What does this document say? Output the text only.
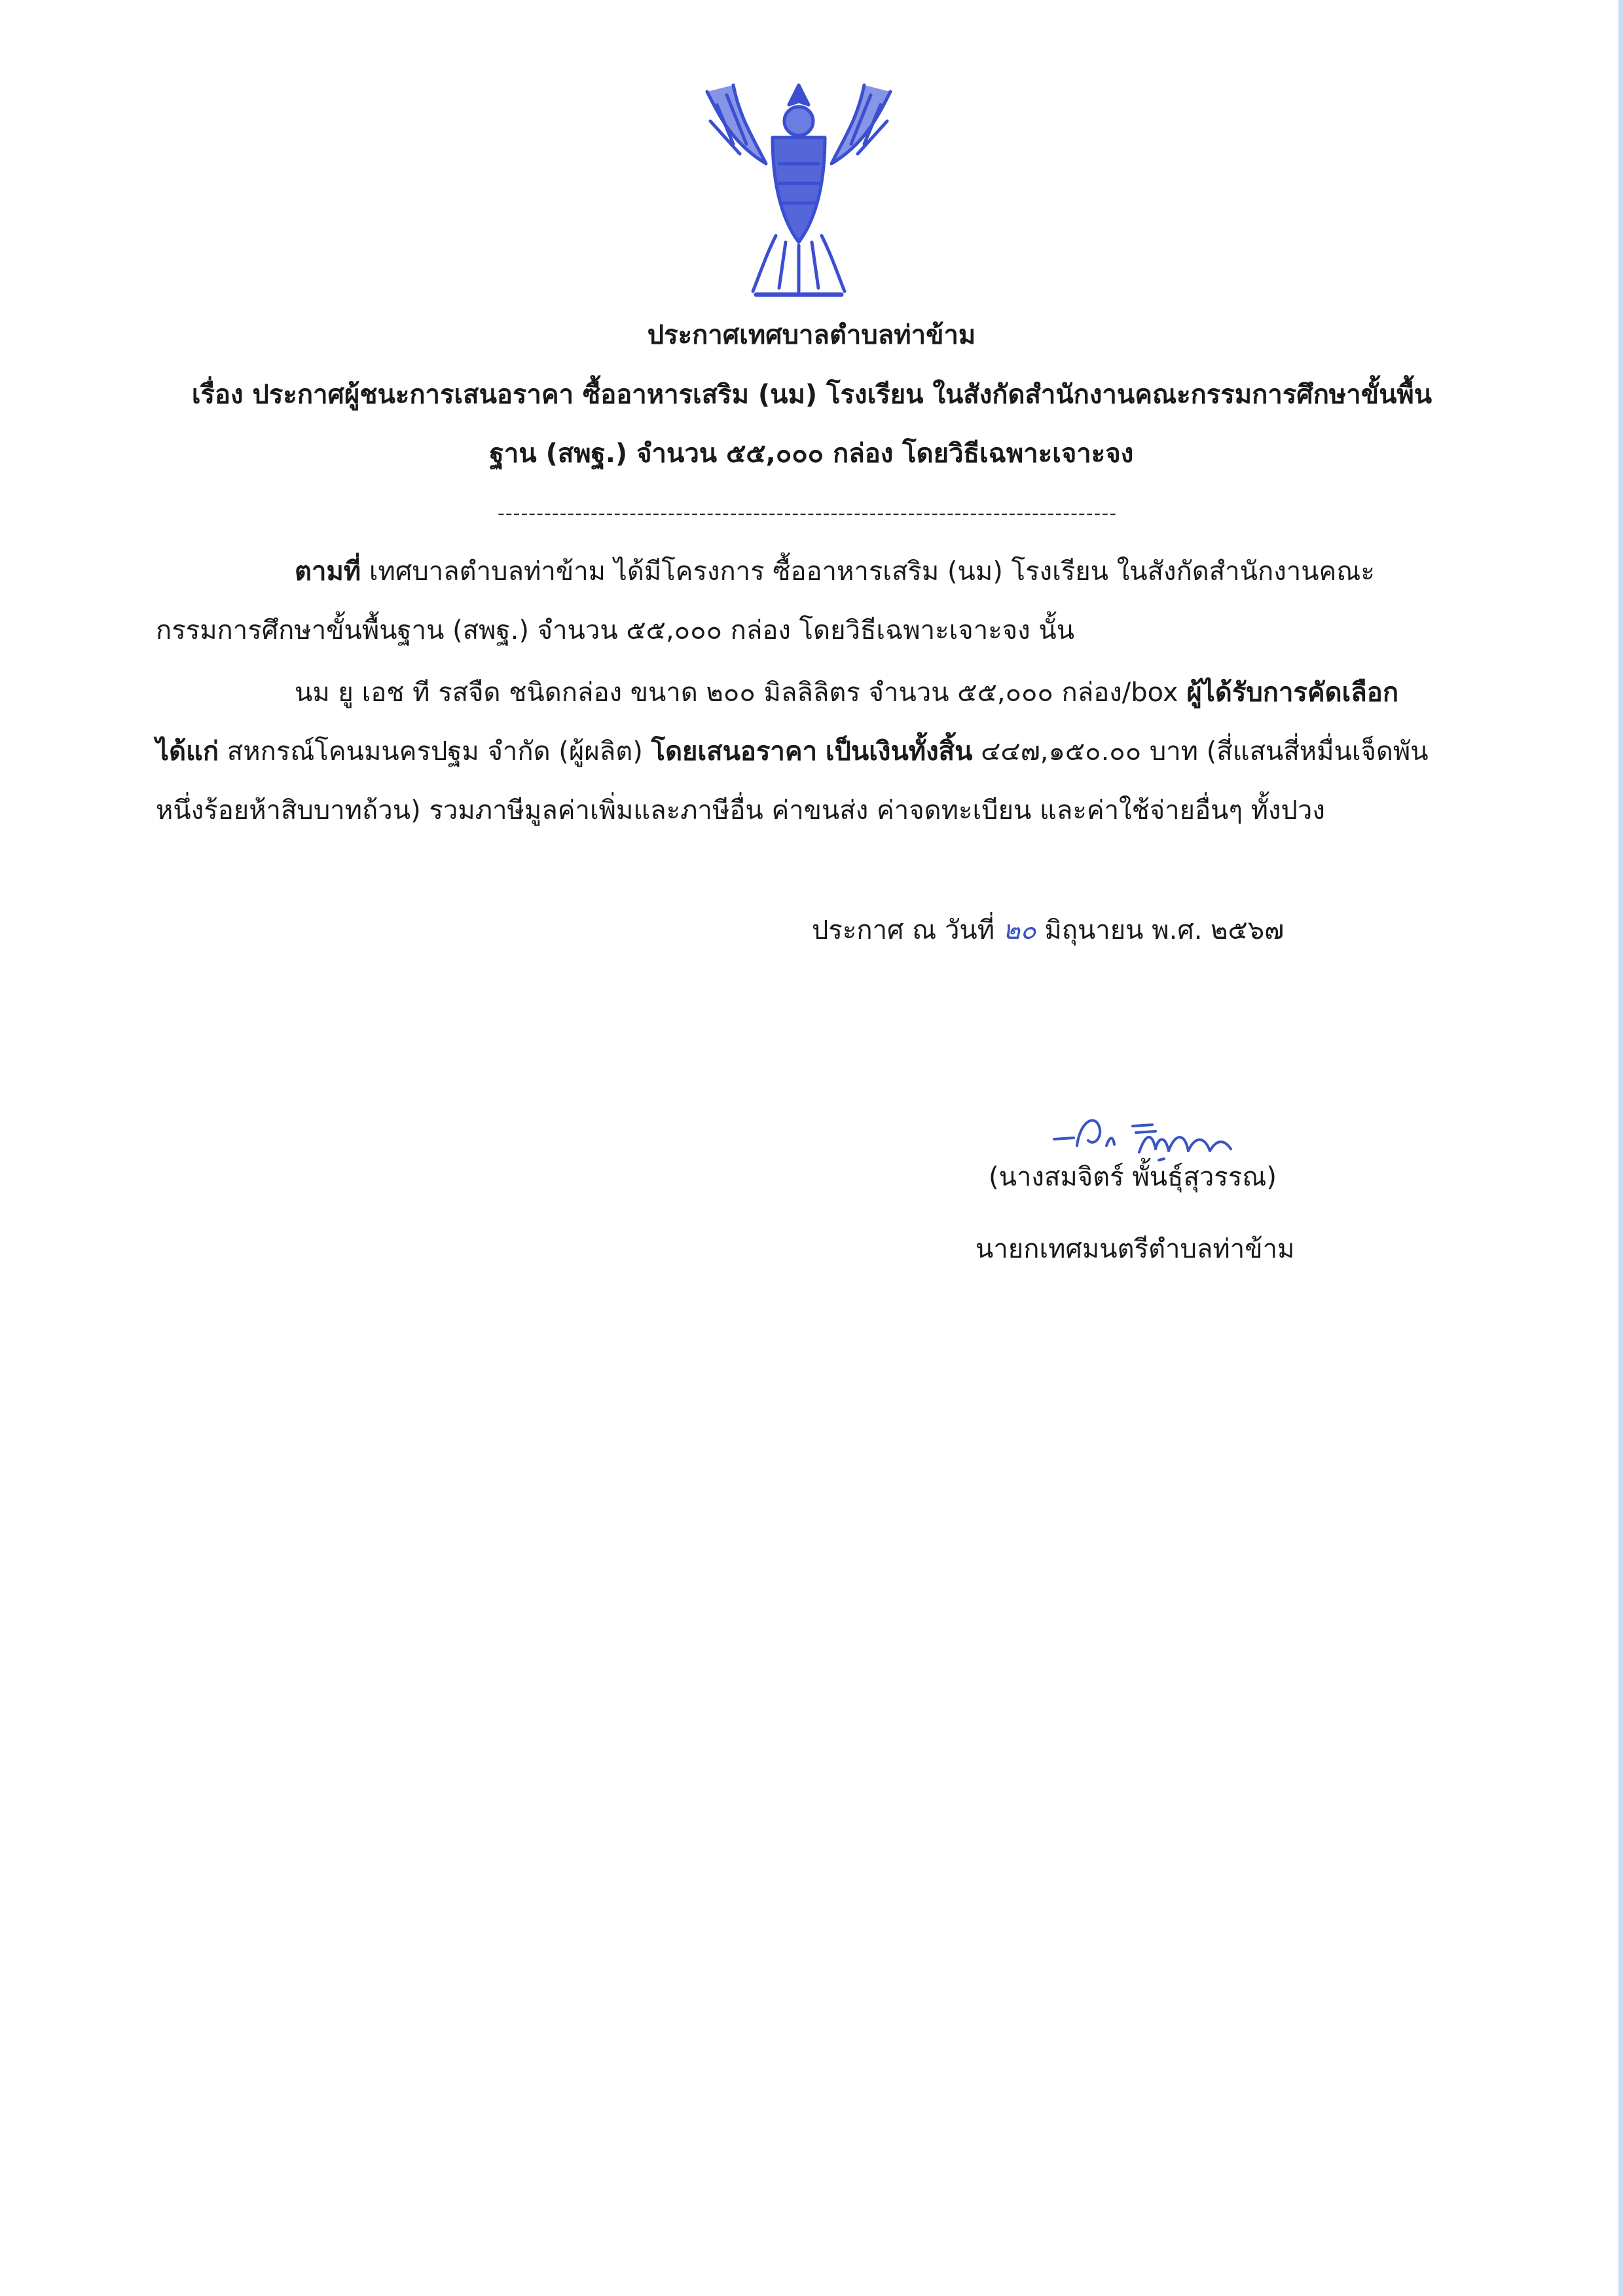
ประกาศเทศบาลตำบลท่าข้าม
เรื่อง ประกาศผู้ชนะการเสนอราคา ซื้ออาหารเสริม (นม) โรงเรียน ในสังกัดสำนักงานคณะกรรมการศึกษาขั้นพื้น
ฐาน (สพฐ.) จำนวน ๕๕,๐๐๐ กล่อง โดยวิธีเฉพาะเจาะจง
--------------------------------------------------------------------------------
ตามที่ เทศบาลตำบลท่าข้าม ได้มีโครงการ ซื้ออาหารเสริม (นม) โรงเรียน ในสังกัดสำนักงานคณะ
กรรมการศึกษาขั้นพื้นฐาน (สพฐ.) จำนวน ๕๕,๐๐๐ กล่อง โดยวิธีเฉพาะเจาะจง นั้น
นม ยู เอช ที รสจืด ชนิดกล่อง ขนาด ๒๐๐ มิลลิลิตร จำนวน ๕๕,๐๐๐ กล่อง/box ผู้ได้รับการคัดเลือก
ได้แก่ สหกรณ์โคนมนครปฐม จำกัด (ผู้ผลิต) โดยเสนอราคา เป็นเงินทั้งสิ้น ๔๔๗,๑๕๐.๐๐ บาท (สี่แสนสี่หมื่นเจ็ดพัน
หนึ่งร้อยห้าสิบบาทถ้วน) รวมภาษีมูลค่าเพิ่มและภาษีอื่น ค่าขนส่ง ค่าจดทะเบียน และค่าใช้จ่ายอื่นๆ ทั้งปวง
ประกาศ ณ วันที่ ๒๐ มิถุนายน พ.ศ. ๒๕๖๗
(นางสมจิตร์ พั้นธุ์สุวรรณ)
นายกเทศมนตรีตำบลท่าข้าม
